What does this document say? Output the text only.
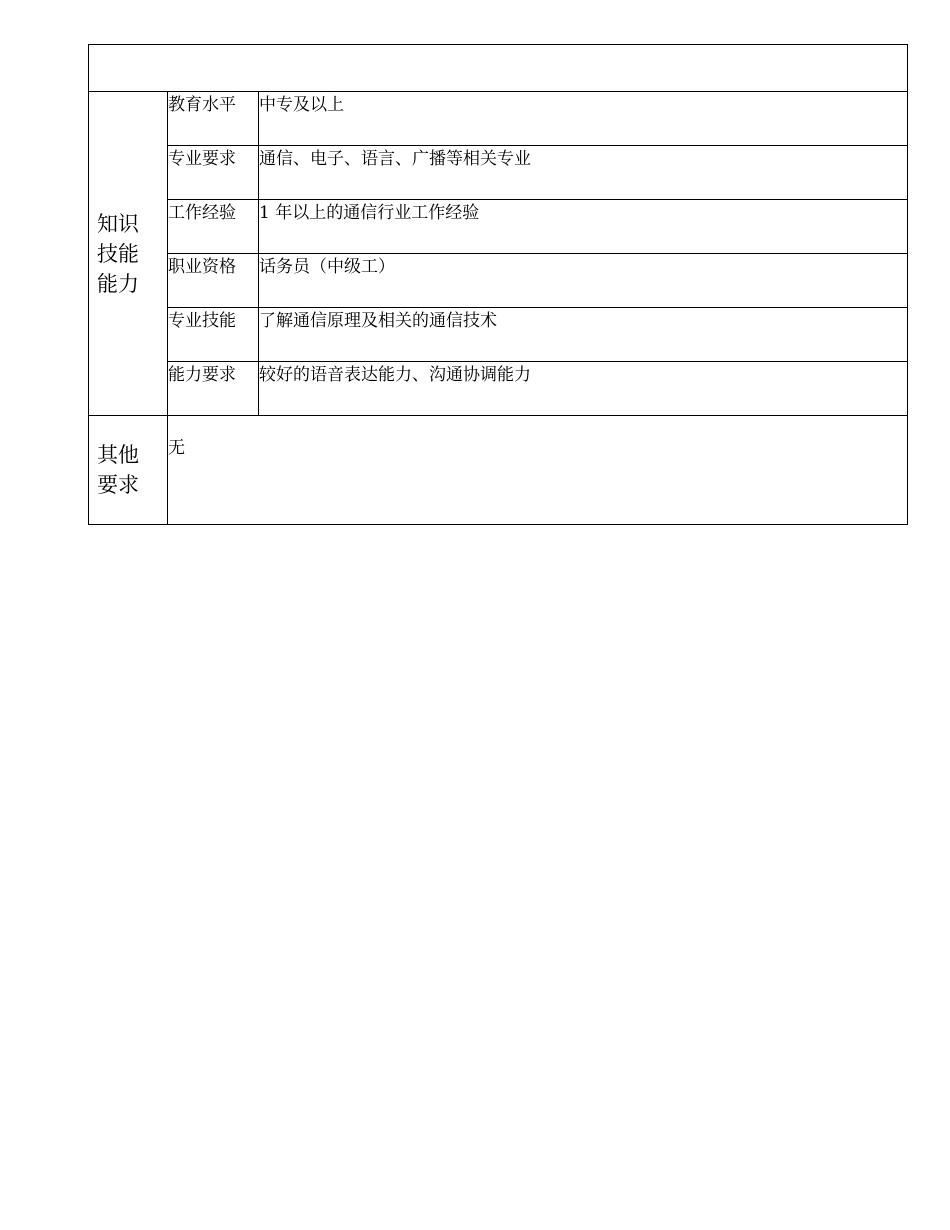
知识
技能
能力	教育水平	中专及以上
	专业要求	通信、电子、语言、广播等相关专业
	工作经验	1 年以上的通信行业工作经验
	职业资格	话务员（中级工）
	专业技能	了解通信原理及相关的通信技术
	能力要求	较好的语音表达能力、沟通协调能力

其他
要求	无	
